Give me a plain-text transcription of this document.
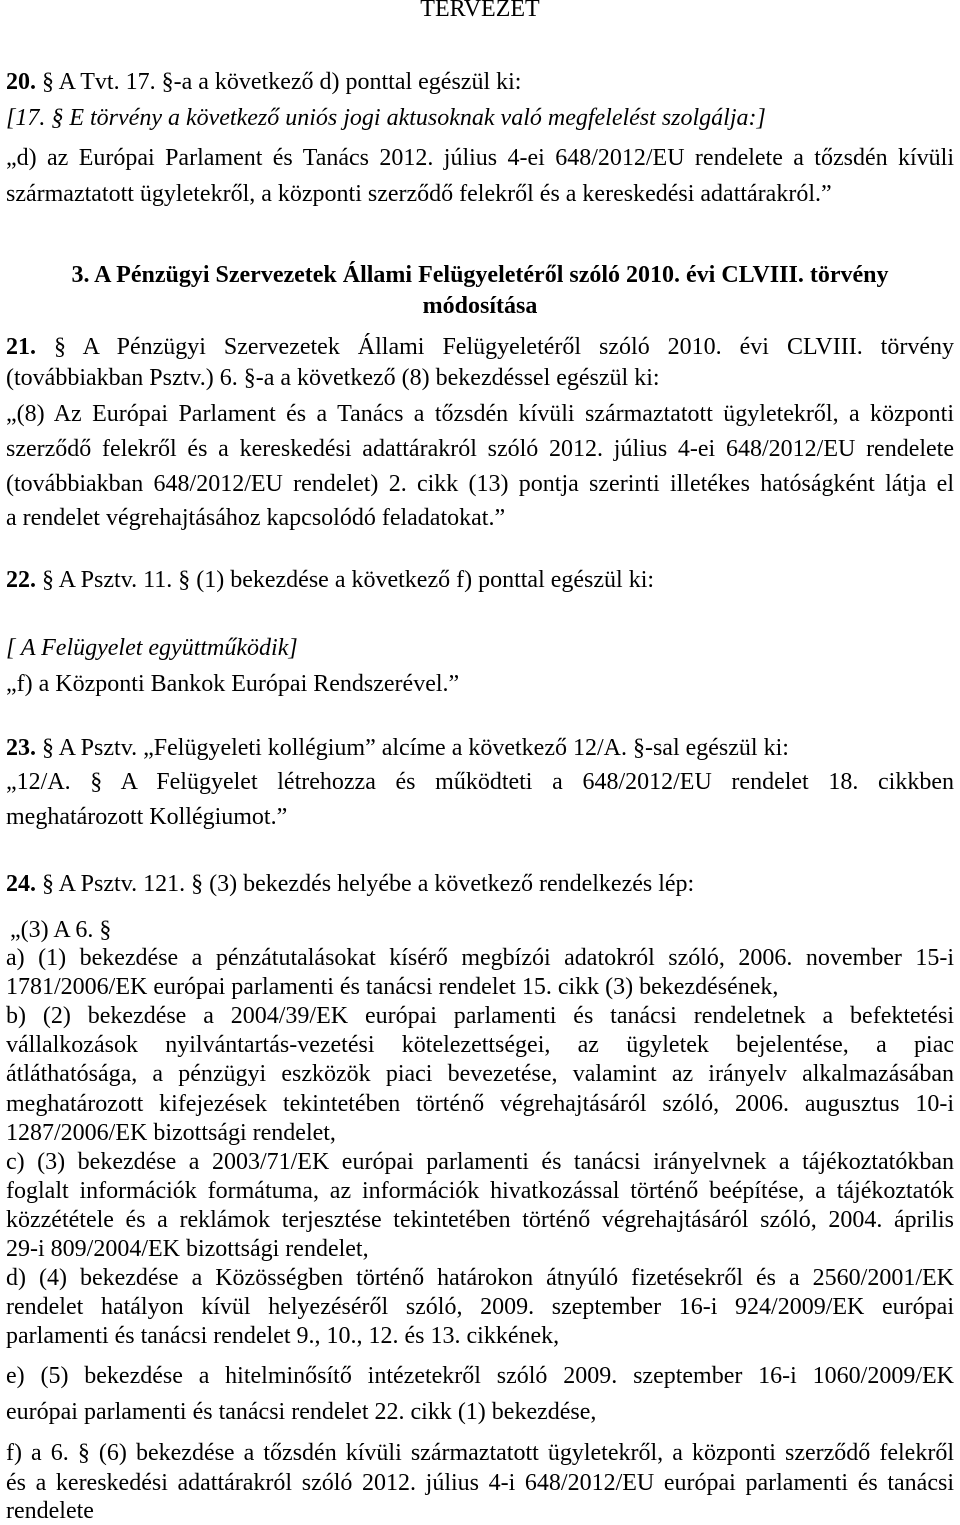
TERVEZET
20. § A Tvt. 17. §-a a következő d) ponttal egészül ki:
[17. § E törvény a következő uniós jogi aktusoknak való megfelelést szolgálja:]
„d) az Európai Parlament és Tanács 2012. július 4-ei 648/2012/EU rendelete a tőzsdén kívüli
származtatott ügyletekről, a központi szerződő felekről és a kereskedési adattárakról.”
3. A Pénzügyi Szervezetek Állami Felügyeletéről szóló 2010. évi CLVIII. törvény
módosítása
21. § A Pénzügyi Szervezetek Állami Felügyeletéről szóló 2010. évi CLVIII. törvény
(továbbiakban Psztv.) 6. §-a a következő (8) bekezdéssel egészül ki:
„(8) Az Európai Parlament és a Tanács a tőzsdén kívüli származtatott ügyletekről, a központi
szerződő felekről és a kereskedési adattárakról szóló 2012. július 4-ei 648/2012/EU rendelete
(továbbiakban 648/2012/EU rendelet) 2. cikk (13) pontja szerinti illetékes hatóságként látja el
a rendelet végrehajtásához kapcsolódó feladatokat.”
22. § A Psztv. 11. § (1) bekezdése a következő f) ponttal egészül ki:
[ A Felügyelet együttműködik]
„f) a Központi Bankok Európai Rendszerével.”
23. § A Psztv. „Felügyeleti kollégium” alcíme a következő 12/A. §-sal egészül ki:
„12/A. § A Felügyelet létrehozza és működteti a 648/2012/EU rendelet 18. cikkben
meghatározott Kollégiumot.”
24. § A Psztv. 121. § (3) bekezdés helyébe a következő rendelkezés lép:
„(3) A 6. §
a) (1) bekezdése a pénzátutalásokat kísérő megbízói adatokról szóló, 2006. november 15-i
1781/2006/EK európai parlamenti és tanácsi rendelet 15. cikk (3) bekezdésének,
b) (2) bekezdése a 2004/39/EK európai parlamenti és tanácsi rendeletnek a befektetési
vállalkozások nyilvántartás-vezetési kötelezettségei, az ügyletek bejelentése, a piac
átláthatósága, a pénzügyi eszközök piaci bevezetése, valamint az irányelv alkalmazásában
meghatározott kifejezések tekintetében történő végrehajtásáról szóló, 2006. augusztus 10-i
1287/2006/EK bizottsági rendelet,
c) (3) bekezdése a 2003/71/EK európai parlamenti és tanácsi irányelvnek a tájékoztatókban
foglalt információk formátuma, az információk hivatkozással történő beépítése, a tájékoztatók
közzététele és a reklámok terjesztése tekintetében történő végrehajtásáról szóló, 2004. április
29-i 809/2004/EK bizottsági rendelet,
d) (4) bekezdése a Közösségben történő határokon átnyúló fizetésekről és a 2560/2001/EK
rendelet hatályon kívül helyezéséről szóló, 2009. szeptember 16-i 924/2009/EK európai
parlamenti és tanácsi rendelet 9., 10., 12. és 13. cikkének,
e) (5) bekezdése a hitelminősítő intézetekről szóló 2009. szeptember 16-i 1060/2009/EK
európai parlamenti és tanácsi rendelet 22. cikk (1) bekezdése,
f) a 6. § (6) bekezdése a tőzsdén kívüli származtatott ügyletekről, a központi szerződő felekről
és a kereskedési adattárakról szóló 2012. július 4-i 648/2012/EU európai parlamenti és tanácsi
rendelete
